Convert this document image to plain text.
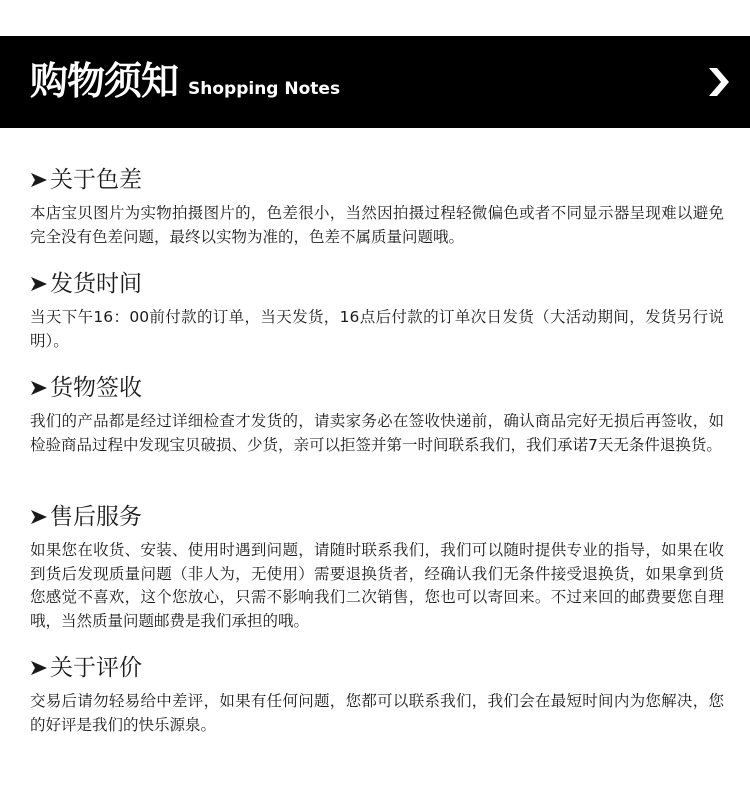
购物须知 Shopping Notes
关于色差

本店宝贝图片为实物拍摄图片的，色差很小，当然因拍摄过程轻微偏色或者不同显示器呈现难以避免完全没有色差问题，最终以实物为准的，色差不属质量问题哦。

发货时间

当天下午16：00前付款的订单，当天发货，16点后付款的订单次日发货（大活动期间，发货另行说明）。

货物签收

我们的产品都是经过详细检查才发货的，请卖家务必在签收快递前，确认商品完好无损后再签收，如检验商品过程中发现宝贝破损、少货，亲可以拒签并第一时间联系我们，我们承诺7天无条件退换货。

售后服务

如果您在收货、安装、使用时遇到问题，请随时联系我们，我们可以随时提供专业的指导，如果在收到货后发现质量问题（非人为，无使用）需要退换货者，经确认我们无条件接受退换货，如果拿到货您感觉不喜欢，这个您放心，只需不影响我们二次销售，您也可以寄回来。不过来回的邮费要您自理哦，当然质量问题邮费是我们承担的哦。

关于评价

交易后请勿轻易给中差评，如果有任何问题，您都可以联系我们，我们会在最短时间内为您解决，您的好评是我们的快乐源泉。
